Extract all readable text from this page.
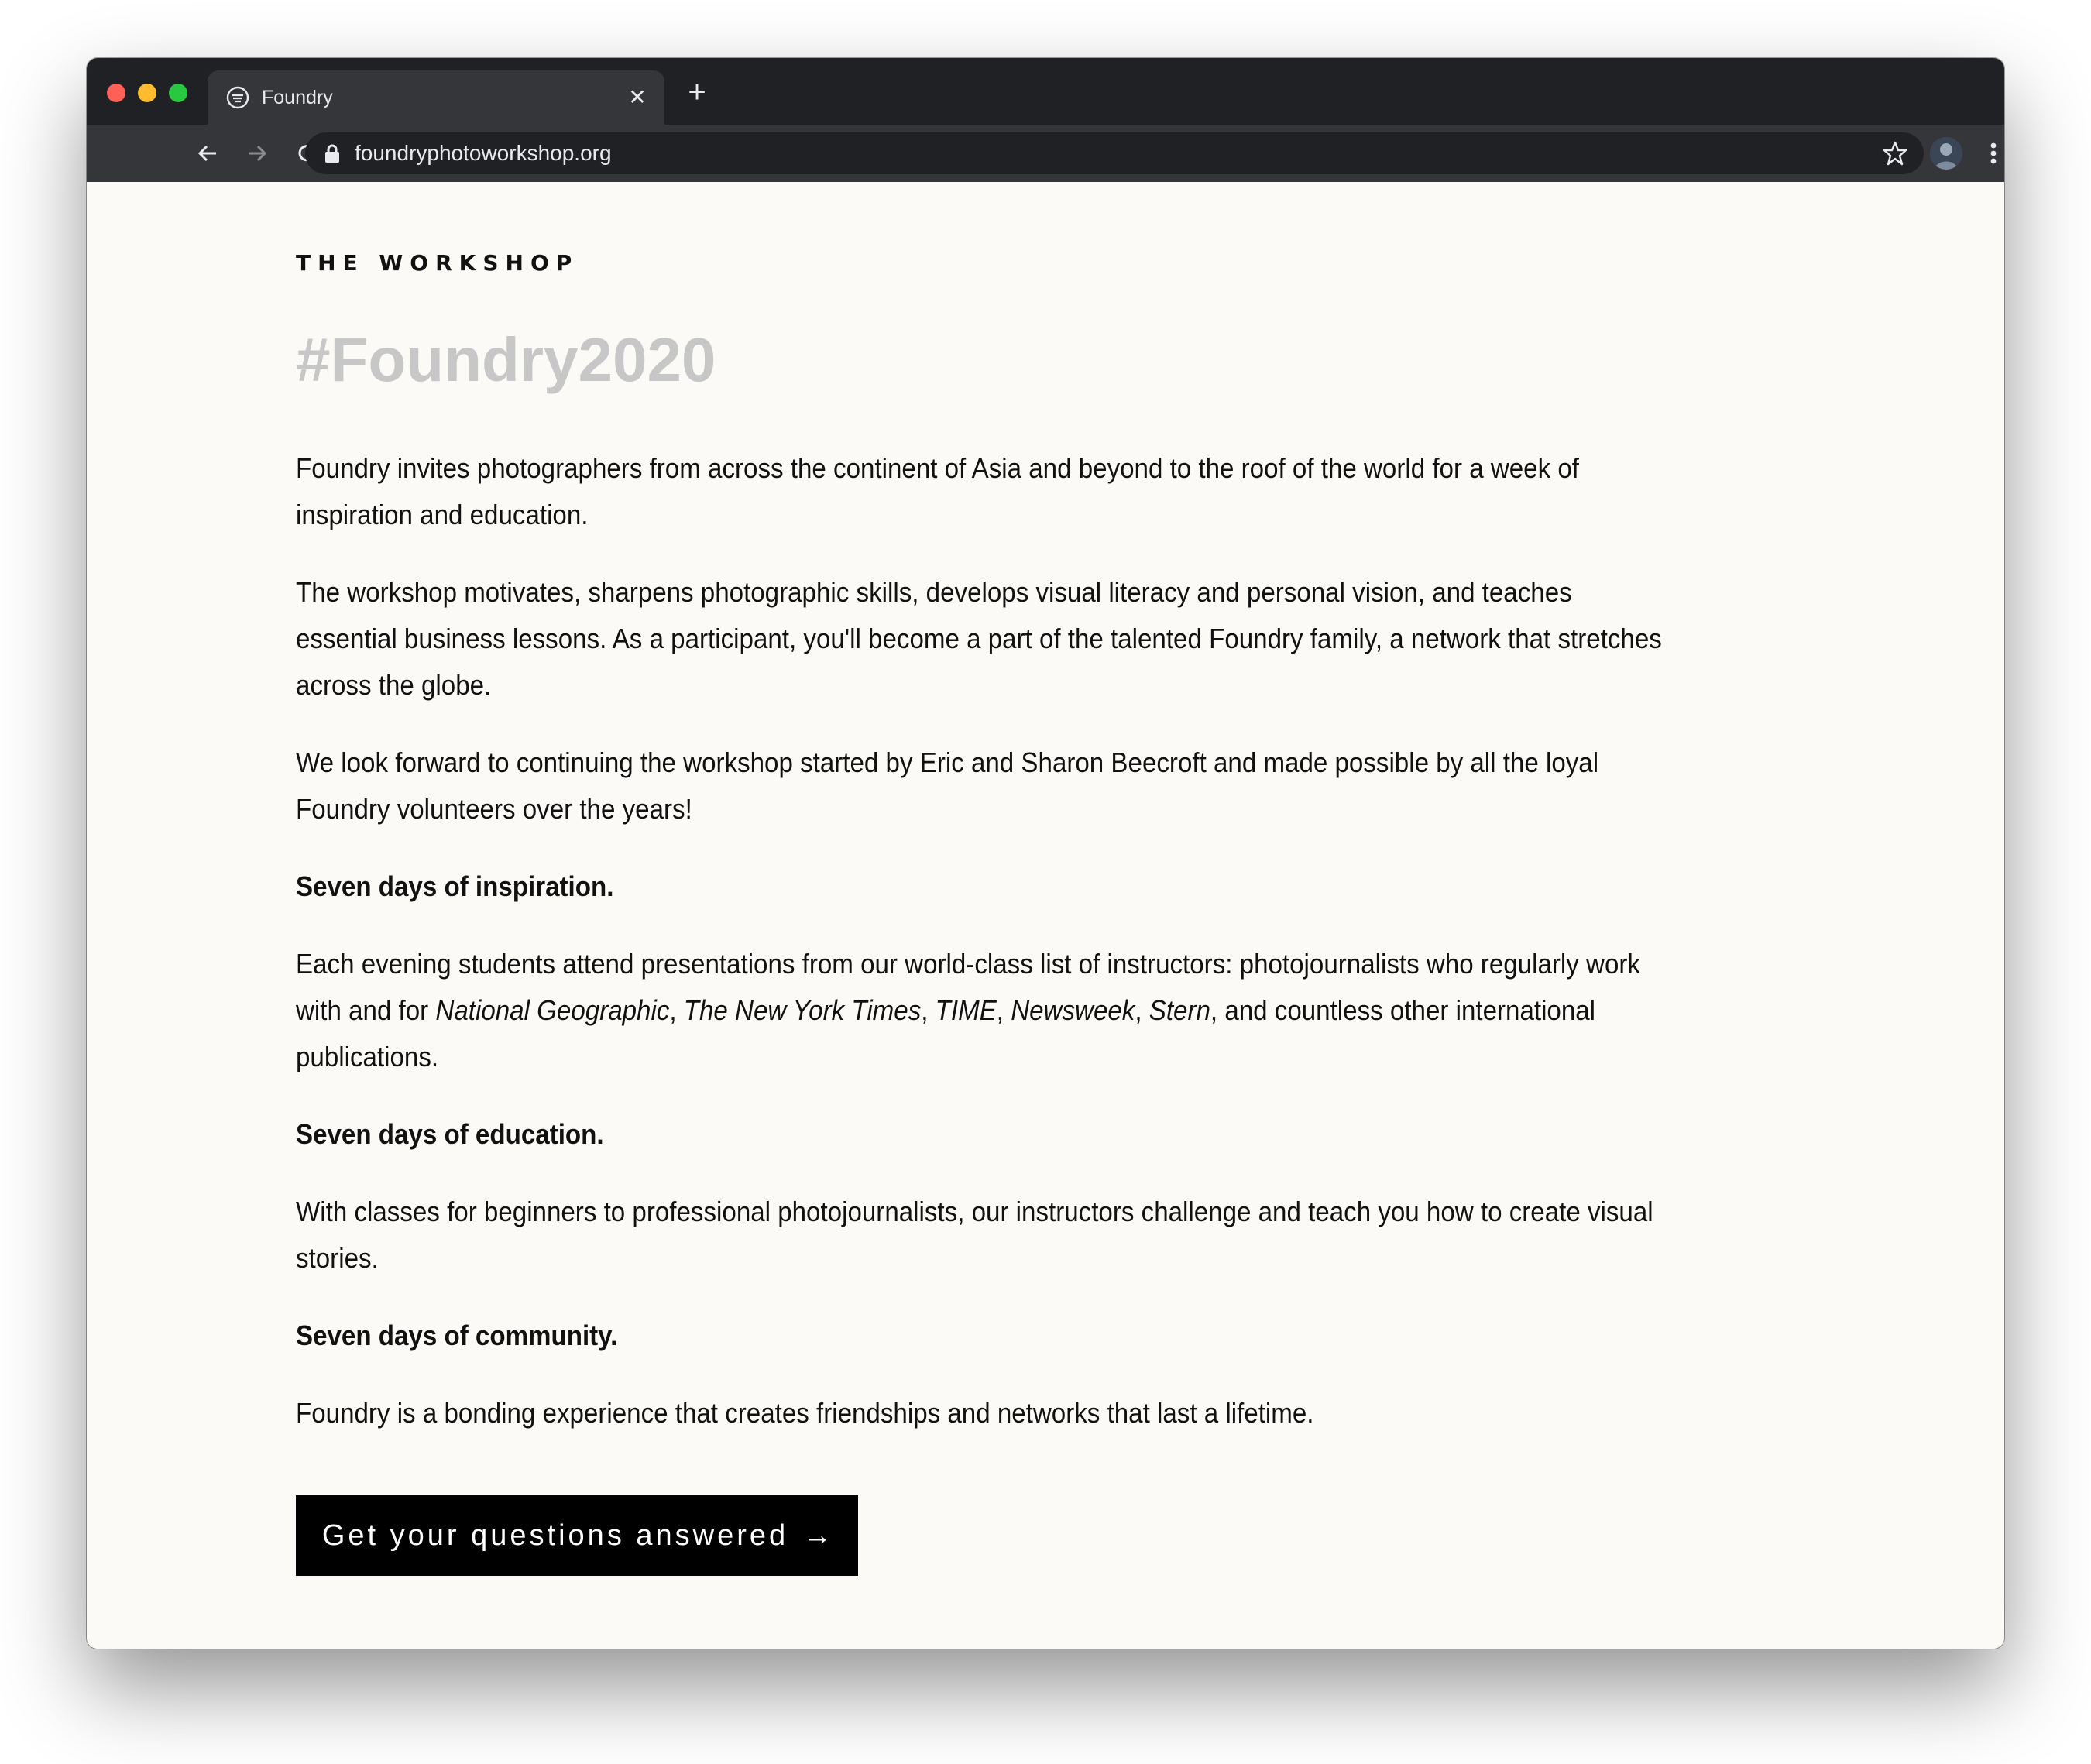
Foundry	✕ +
foundryphotoworkshop.org
THE WORKSHOP
#Foundry2020

Foundry invites photographers from across the continent of Asia and beyond to the roof of the world for a week of inspiration and education.

The workshop motivates, sharpens photographic skills, develops visual literacy and personal vision, and teaches essential business lessons. As a participant, you'll become a part of the talented Foundry family, a network that stretches across the globe.

We look forward to continuing the workshop started by Eric and Sharon Beecroft and made possible by all the loyal Foundry volunteers over the years!

Seven days of inspiration.

Each evening students attend presentations from our world-class list of instructors: photojournalists who regularly work with and for National Geographic, The New York Times, TIME, Newsweek, Stern, and countless other international publications.

Seven days of education.

With classes for beginners to professional photojournalists, our instructors challenge and teach you how to create visual stories.

Seven days of community.

Foundry is a bonding experience that creates friendships and networks that last a lifetime.

Get your questions answered →
